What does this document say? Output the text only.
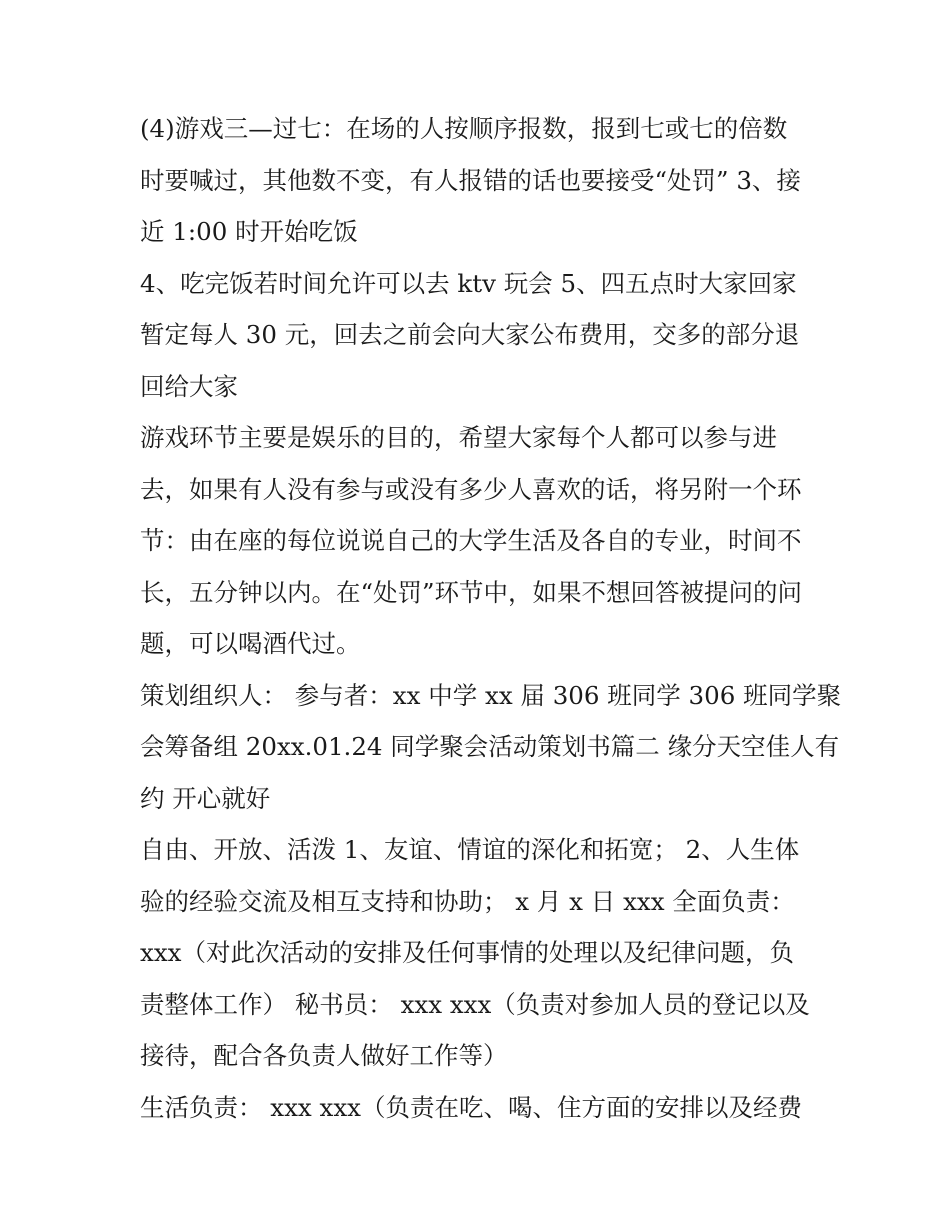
(4)游戏三—过七：在场的人按顺序报数，报到七或七的倍数
时要喊过，其他数不变，有人报错的话也要接受“处罚” 3、接
近 1:00 时开始吃饭
4、吃完饭若时间允许可以去 ktv 玩会 5、四五点时大家回家
暂定每人 30 元，回去之前会向大家公布费用，交多的部分退
回给大家
游戏环节主要是娱乐的目的，希望大家每个人都可以参与进
去，如果有人没有参与或没有多少人喜欢的话，将另附一个环
节：由在座的每位说说自己的大学生活及各自的专业，时间不
长，五分钟以内。在“处罚”环节中，如果不想回答被提问的问
题，可以喝酒代过。
策划组织人： 参与者：xx 中学 xx 届 306 班同学 306 班同学聚
会筹备组 20xx.01.24 同学聚会活动策划书篇二 缘分天空佳人有
约 开心就好
自由、开放、活泼 1、友谊、情谊的深化和拓宽； 2、人生体
验的经验交流及相互支持和协助； x 月 x 日 xxx 全面负责：
xxx（对此次活动的安排及任何事情的处理以及纪律问题，负
责整体工作） 秘书员： xxx xxx（负责对参加人员的登记以及
接待，配合各负责人做好工作等）
生活负责： xxx xxx（负责在吃、喝、住方面的安排以及经费
